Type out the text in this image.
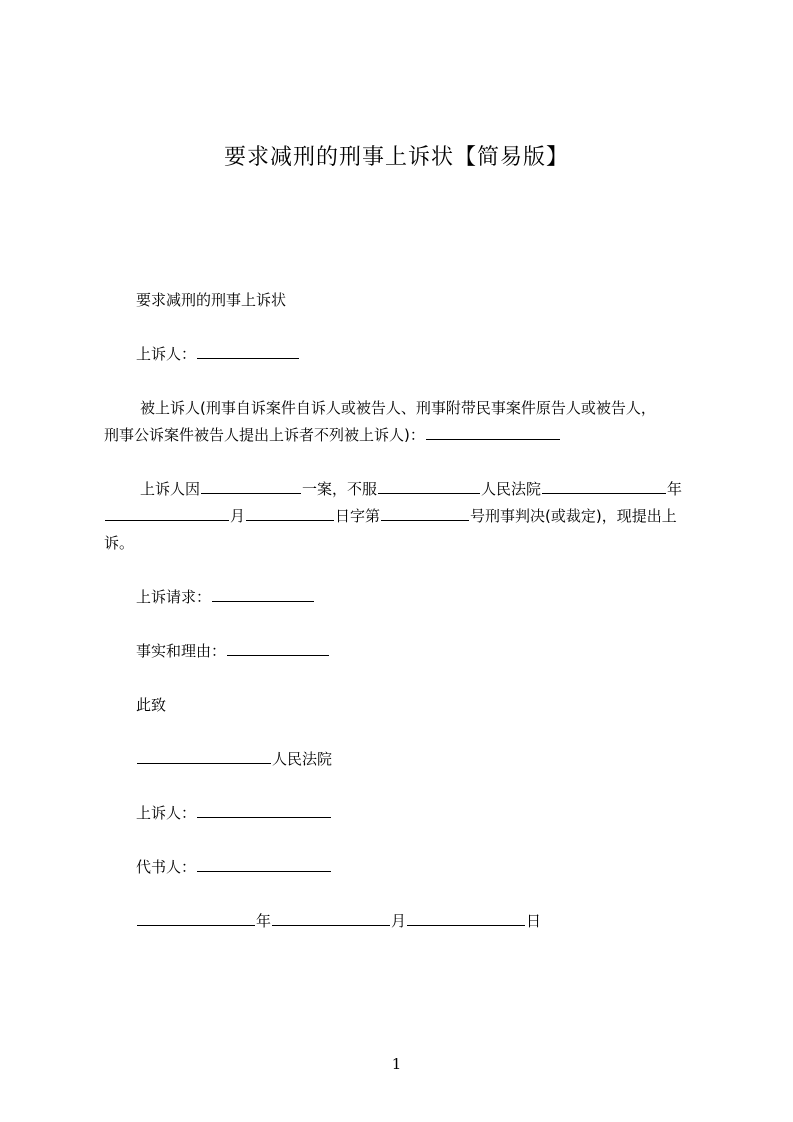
要求减刑的刑事上诉状【简易版】
要求减刑的刑事上诉状
上诉人：
被上诉人(刑事自诉案件自诉人或被告人、刑事附带民事案件原告人或被告人，
刑事公诉案件被告人提出上诉者不列被上诉人)：
上诉人因	一案，不服	人民法院	年
月	日字第	号刑事判决(或裁定)，现提出上
诉。
上诉请求：
事实和理由：
此致
人民法院
上诉人：
代书人：
年	月	日
1
